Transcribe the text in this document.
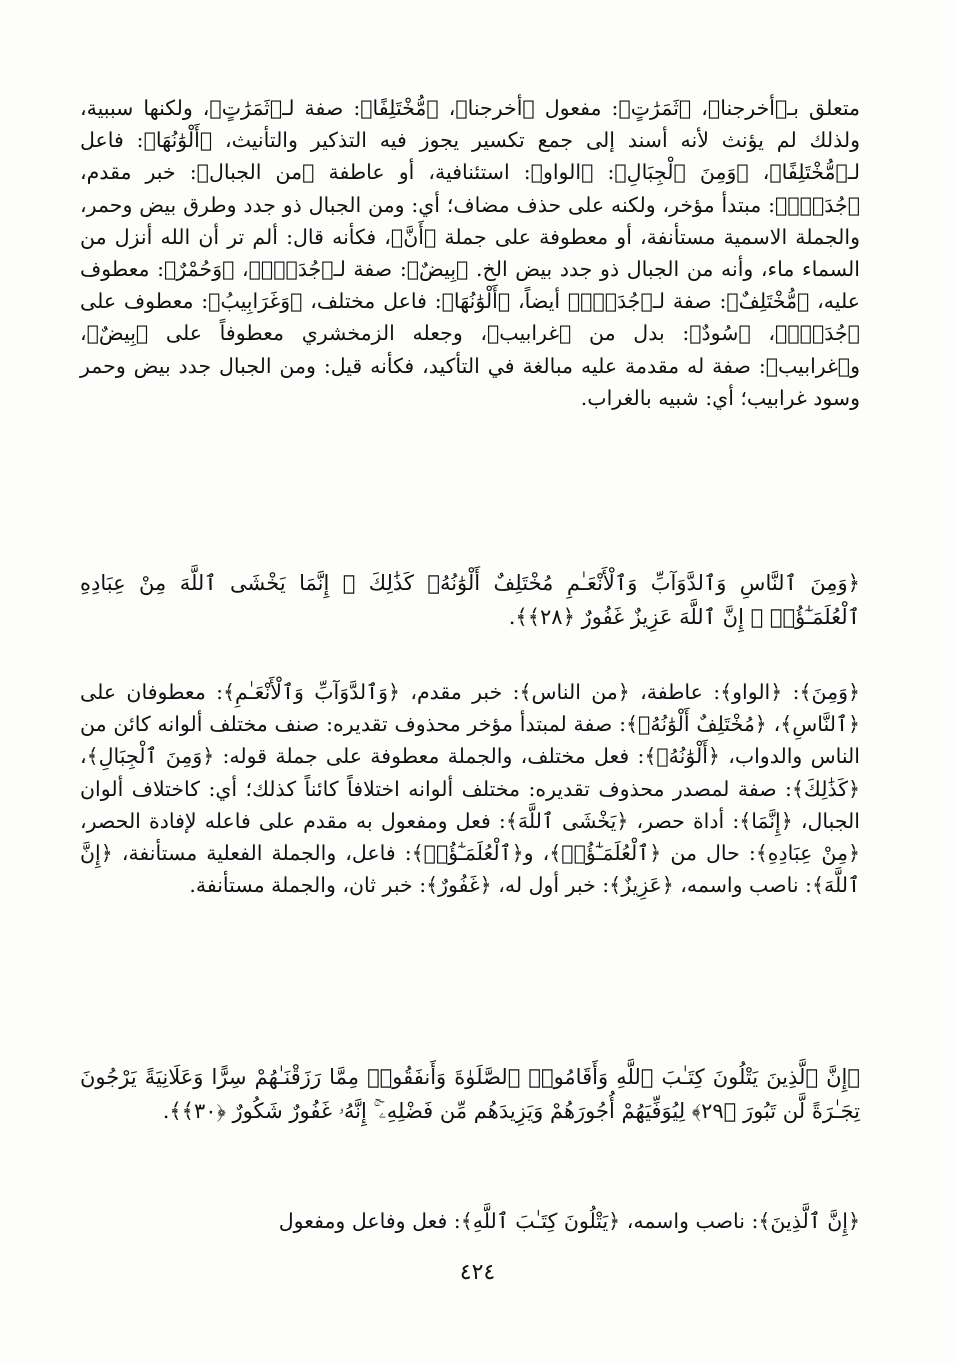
متعلق بـ﴿أخرجنا﴾، ﴿ثَمَرَٰتٍ﴾: مفعول ﴿أخرجنا﴾، ﴿مُّخْتَلِفًا﴾: صفة لـ﴿ثَمَرَٰتٍ﴾، ولكنها سببية، ولذلك لم يؤنث لأنه أسند إلى جمع تكسير يجوز فيه التذكير والتأنيث، ﴿أَلْوَٰنُهَا﴾: فاعل لـ﴿مُّخْتَلِفًا﴾، ﴿وَمِنَ ٱلْجِبَالِ﴾: ﴿الواو﴾: استئنافية، أو عاطفة ﴿من الجبال﴾: خبر مقدم، ﴿جُدَدٌۢ﴾: مبتدأ مؤخر، ولكنه على حذف مضاف؛ أي: ومن الجبال ذو جدد وطرق بيض وحمر، والجملة الاسمية مستأنفة، أو معطوفة على جملة ﴿أَنَّ﴾، فكأنه قال: ألم تر أن الله أنزل من السماء ماء، وأنه من الجبال ذو جدد بيض الخ. ﴿بِيضٌ﴾: صفة لـ﴿جُدَدٌۢ﴾، ﴿وَحُمْرٌ﴾: معطوف عليه، ﴿مُّخْتَلِفٌ﴾: صفة لـ﴿جُدَدٌۢ﴾ أيضاً، ﴿أَلْوَٰنُهَا﴾: فاعل مختلف، ﴿وَغَرَابِيبُ﴾: معطوف على ﴿جُدَدٌۢ﴾، ﴿سُودٌ﴾: بدل من ﴿غرابيب﴾، وجعله الزمخشري معطوفاً على ﴿بِيضٌ﴾، و﴿غرابيب﴾: صفة له مقدمة عليه مبالغة في التأكيد، فكأنه قيل: ومن الجبال جدد بيض وحمر وسود غرابيب؛ أي: شبيه بالغراب.

﴿وَمِنَ ٱلنَّاسِ وَٱلدَّوَآبِّ وَٱلْأَنْعَـٰمِ مُخْتَلِفٌ أَلْوَٰنُهُۥ كَذَٰلِكَ ۗ إِنَّمَا يَخْشَى ٱللَّهَ مِنْ عِبَادِهِ ٱلْعُلَمَـٰٓؤُا۟ ۗ إِنَّ ٱللَّهَ عَزِيزٌ غَفُورٌ ﴿٢٨﴾﴾.

﴿وَمِنَ﴾: ﴿الواو﴾: عاطفة، ﴿من الناس﴾: خبر مقدم، ﴿وَٱلدَّوَآبِّ وَٱلْأَنْعَـٰمِ﴾: معطوفان على ﴿ٱلنَّاسِ﴾، ﴿مُخْتَلِفٌ أَلْوَٰنُهُۥ﴾: صفة لمبتدأ مؤخر محذوف تقديره: صنف مختلف ألوانه كائن من الناس والدواب، ﴿أَلْوَٰنُهُۥ﴾: فعل مختلف، والجملة معطوفة على جملة قوله: ﴿وَمِنَ ٱلْجِبَالِ﴾، ﴿كَذَٰلِكَ﴾: صفة لمصدر محذوف تقديره: مختلف ألوانه اختلافاً كائناً كذلك؛ أي: كاختلاف ألوان الجبال، ﴿إِنَّمَا﴾: أداة حصر، ﴿يَخْشَى ٱللَّهَ﴾: فعل ومفعول به مقدم على فاعله لإفادة الحصر، ﴿مِنْ عِبَادِهِ﴾: حال من ﴿ٱلْعُلَمَـٰٓؤُا۟﴾، و﴿ٱلْعُلَمَـٰٓؤُا۟﴾: فاعل، والجملة الفعلية مستأنفة، ﴿إِنَّ ٱللَّهَ﴾: ناصب واسمه، ﴿عَزِيزٌ﴾: خبر أول له، ﴿غَفُورٌ﴾: خبر ثان، والجملة مستأنفة.

﴿إِنَّ ٱلَّذِينَ يَتْلُونَ كِتَـٰبَ ٱللَّهِ وَأَقَامُوا۟ ٱلصَّلَوٰةَ وَأَنفَقُوا۟ مِمَّا رَزَقْنَـٰهُمْ سِرًّا وَعَلَانِيَةً يَرْجُونَ تِجَـٰرَةً لَّن تَبُورَ ﴿٢٩﴾ لِيُوَفِّيَهُمْ أُجُورَهُمْ وَيَزِيدَهُم مِّن فَضْلِهِۦٓ ۚ إِنَّهُۥ غَفُورٌ شَكُورٌ ﴿٣٠﴾﴾.

﴿إِنَّ ٱلَّذِينَ﴾: ناصب واسمه، ﴿يَتْلُونَ كِتَـٰبَ ٱللَّهِ﴾: فعل وفاعل ومفعول

٤٢٤
